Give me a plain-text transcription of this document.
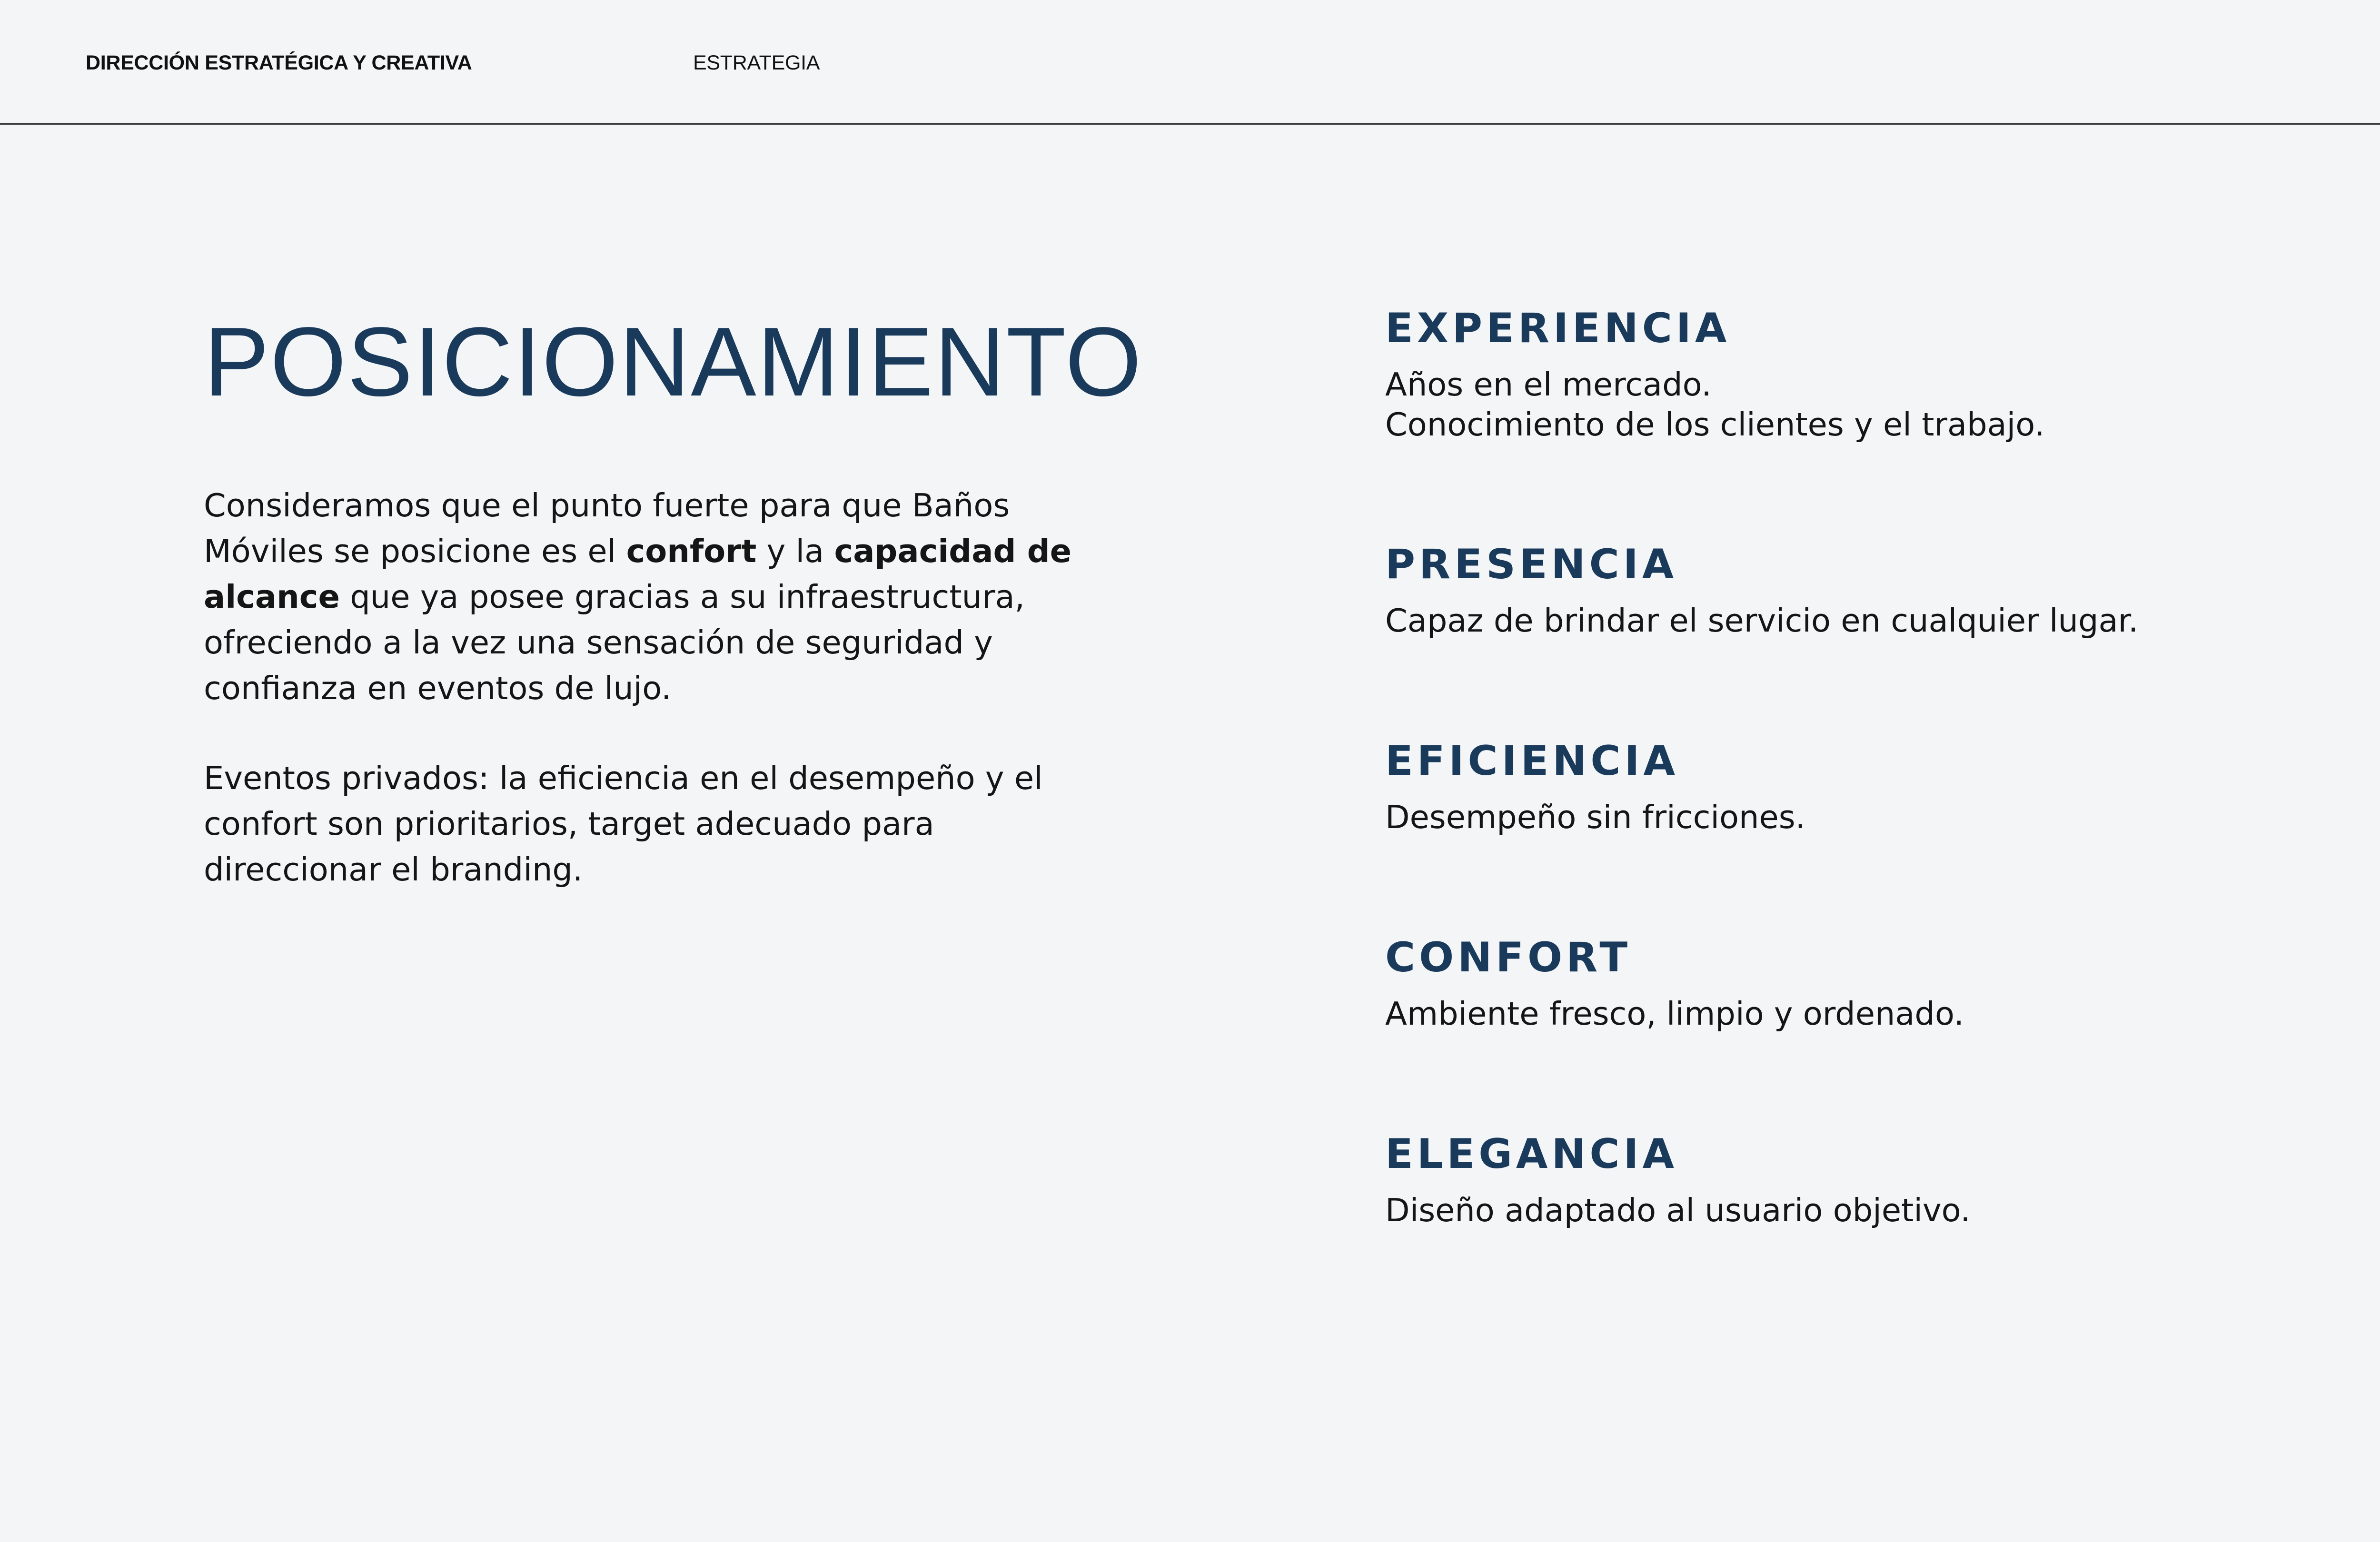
DIRECCIÓN ESTRATÉGICA Y CREATIVA	ESTRATEGIA
POSICIONAMIENTO

Consideramos que el punto fuerte para que Baños Móviles se posicione es el confort y la capacidad de alcance que ya posee gracias a su infraestructura, ofreciendo a la vez una sensación de seguridad y confianza en eventos de lujo.

Eventos privados: la eficiencia en el desempeño y el confort son prioritarios, target adecuado para direccionar el branding.

EXPERIENCIA

Años en el mercado.
Conocimiento de los clientes y el trabajo.

PRESENCIA

Capaz de brindar el servicio en cualquier lugar.

EFICIENCIA

Desempeño sin fricciones.

CONFORT

Ambiente fresco, limpio y ordenado.

ELEGANCIA

Diseño adaptado al usuario objetivo.
